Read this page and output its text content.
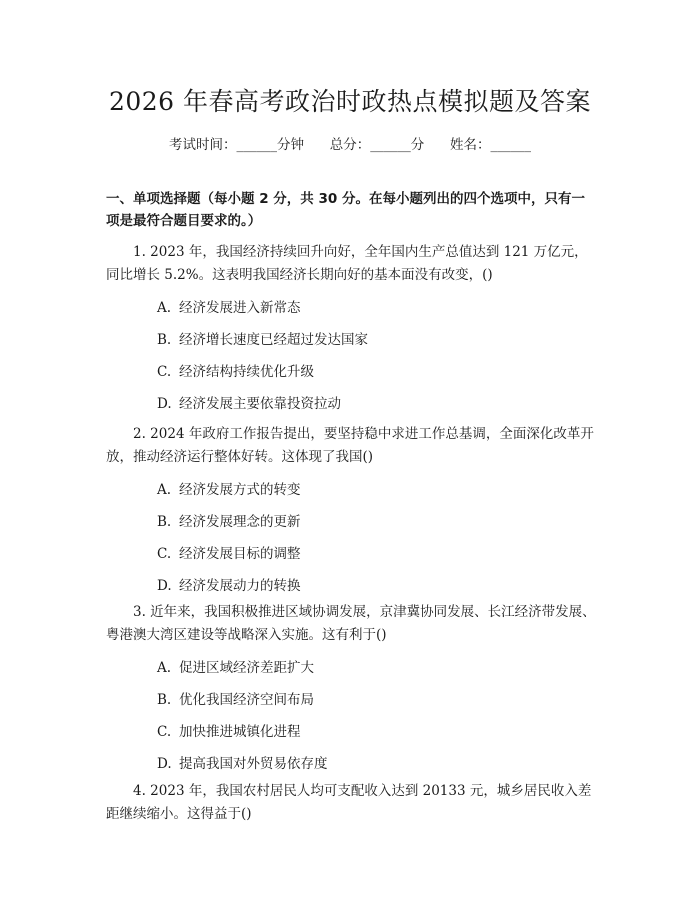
2026 年春高考政治时政热点模拟题及答案
考试时间：______分钟      总分：______分      姓名：______
一、单项选择题（每小题 2 分，共 30 分。在每小题列出的四个选项中，只有一项是最符合题目要求的。）
1. 2023 年，我国经济持续回升向好，全年国内生产总值达到 121 万亿元，同比增长 5.2%。这表明我国经济长期向好的基本面没有改变，()
A. 经济发展进入新常态
B. 经济增长速度已经超过发达国家
C. 经济结构持续优化升级
D. 经济发展主要依靠投资拉动
2. 2024 年政府工作报告提出，要坚持稳中求进工作总基调，全面深化改革开放，推动经济运行整体好转。这体现了我国()
A. 经济发展方式的转变
B. 经济发展理念的更新
C. 经济发展目标的调整
D. 经济发展动力的转换
3. 近年来，我国积极推进区域协调发展，京津冀协同发展、长江经济带发展、粤港澳大湾区建设等战略深入实施。这有利于()
A. 促进区域经济差距扩大
B. 优化我国经济空间布局
C. 加快推进城镇化进程
D. 提高我国对外贸易依存度
4. 2023 年，我国农村居民人均可支配收入达到 20133 元，城乡居民收入差距继续缩小。这得益于()
